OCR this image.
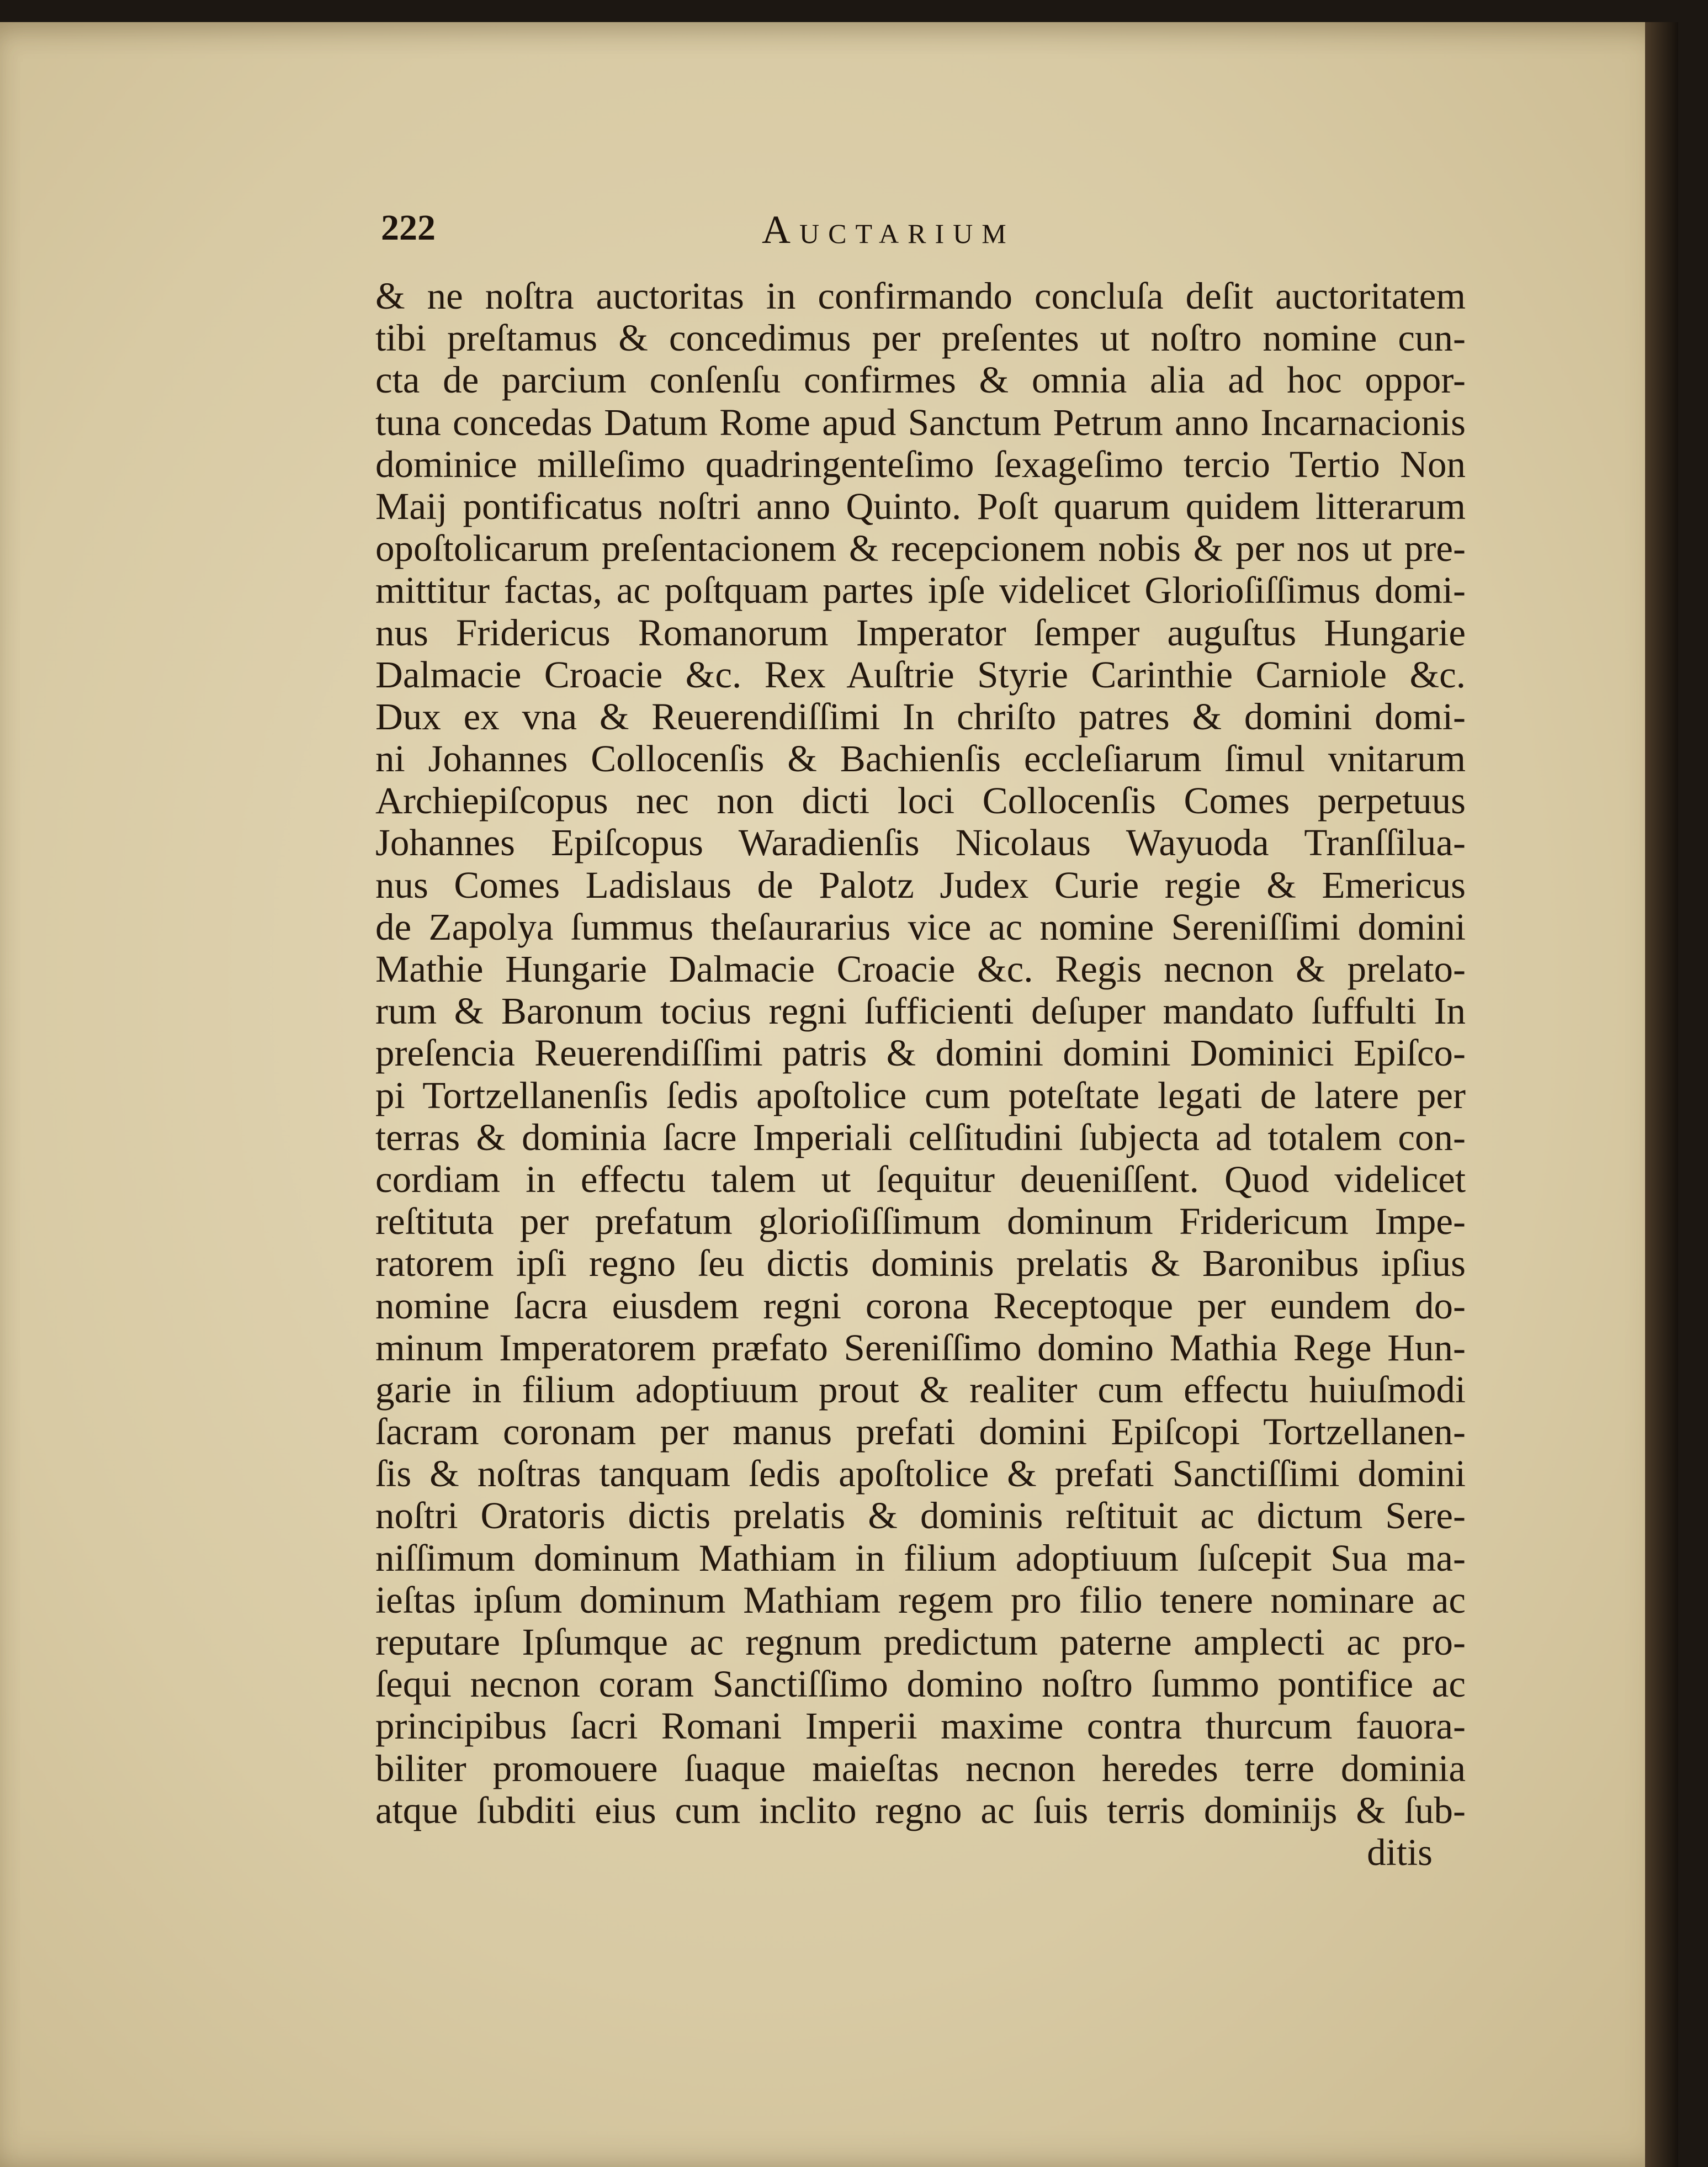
222	Auctarium
& ne noſtra auctoritas in confirmando concluſa deſit auctoritatem
tibi preſtamus & concedimus per preſentes ut noſtro nomine cun-
cta de parcium conſenſu confirmes & omnia alia ad hoc oppor-
tuna concedas Datum Rome apud Sanctum Petrum anno Incarnacionis
dominice milleſimo quadringenteſimo ſexageſimo tercio Tertio Non
Maij pontificatus noſtri anno Quinto. Poſt quarum quidem litterarum
opoſtolicarum preſentacionem & recepcionem nobis & per nos ut pre-
mittitur factas, ac poſtquam partes ipſe videlicet Glorioſiſſimus domi-
nus Fridericus Romanorum Imperator ſemper auguſtus Hungarie
Dalmacie Croacie &c. Rex Auſtrie Styrie Carinthie Carniole &c.
Dux ex vna & Reuerendiſſimi In chriſto patres & domini domi-
ni Johannes Collocenſis & Bachienſis eccleſiarum ſimul vnitarum
Archiepiſcopus nec non dicti loci Collocenſis Comes perpetuus
Johannes Epiſcopus Waradienſis Nicolaus Wayuoda Tranſſilua-
nus Comes Ladislaus de Palotz Judex Curie regie & Emericus
de Zapolya ſummus theſaurarius vice ac nomine Sereniſſimi domini
Mathie Hungarie Dalmacie Croacie &c. Regis necnon & prelato-
rum & Baronum tocius regni ſufficienti deſuper mandato ſuffulti In
preſencia Reuerendiſſimi patris & domini domini Dominici Epiſco-
pi Tortzellanenſis ſedis apoſtolice cum poteſtate legati de latere per
terras & dominia ſacre Imperiali celſitudini ſubjecta ad totalem con-
cordiam in effectu talem ut ſequitur deueniſſent. Quod videlicet
reſtituta per prefatum glorioſiſſimum dominum Fridericum Impe-
ratorem ipſi regno ſeu dictis dominis prelatis & Baronibus ipſius
nomine ſacra eiusdem regni corona Receptoque per eundem do-
minum Imperatorem præfato Sereniſſimo domino Mathia Rege Hun-
garie in filium adoptiuum prout & realiter cum effectu huiuſmodi
ſacram coronam per manus prefati domini Epiſcopi Tortzellanen-
ſis & noſtras tanquam ſedis apoſtolice & prefati Sanctiſſimi domini
noſtri Oratoris dictis prelatis & dominis reſtituit ac dictum Sere-
niſſimum dominum Mathiam in filium adoptiuum ſuſcepit Sua ma-
ieſtas ipſum dominum Mathiam regem pro filio tenere nominare ac
reputare Ipſumque ac regnum predictum paterne amplecti ac pro-
ſequi necnon coram Sanctiſſimo domino noſtro ſummo pontifice ac
principibus ſacri Romani Imperii maxime contra thurcum fauora-
biliter promouere ſuaque maieſtas necnon heredes terre dominia
atque ſubditi eius cum inclito regno ac ſuis terris dominijs & ſub-
ditis
